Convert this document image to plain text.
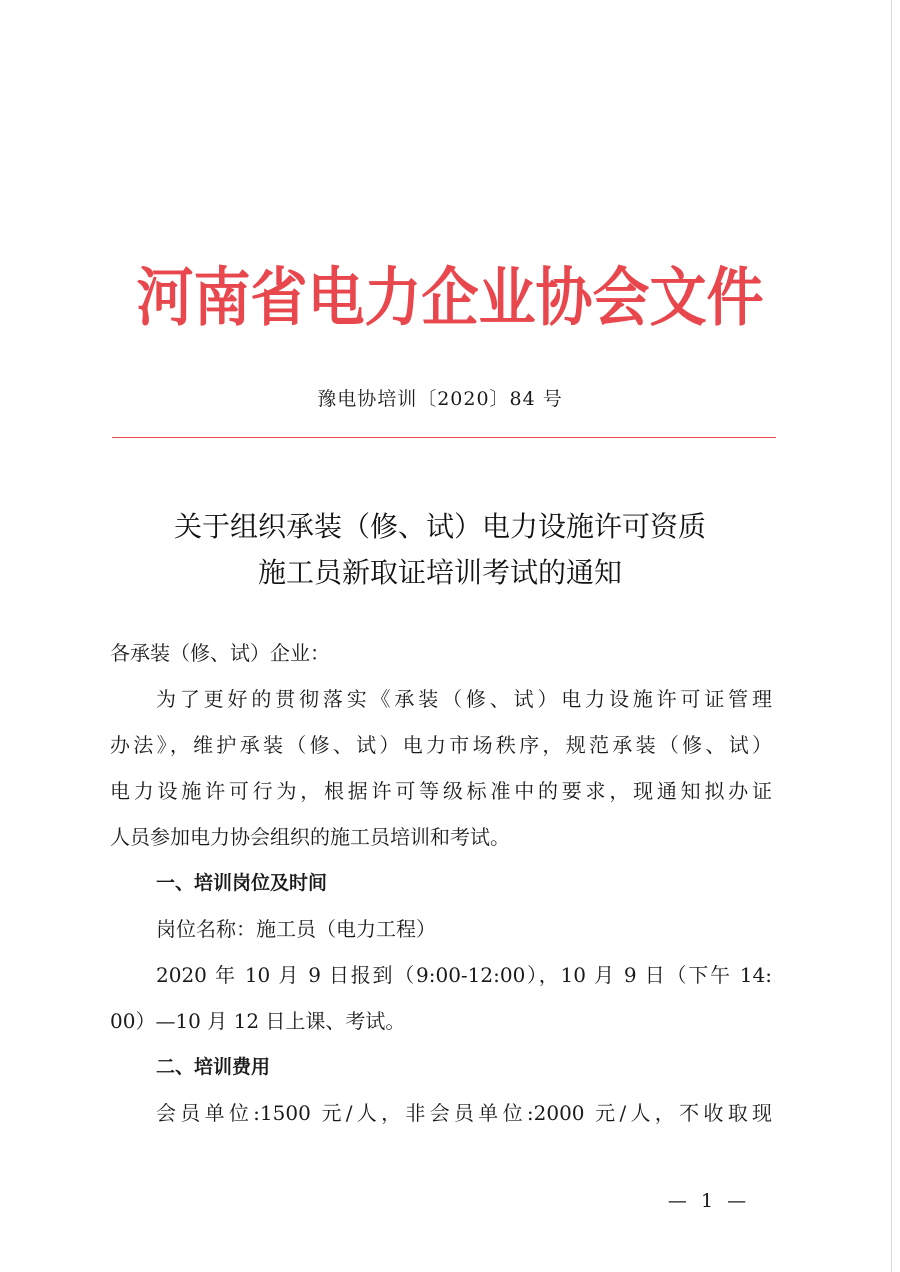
河南省电力企业协会文件
豫电协培训〔2020〕84 号
关于组织承装（修、试）电力设施许可资质
施工员新取证培训考试的通知
各承装（修、试）企业：
为了更好的贯彻落实《承装（修、试）电力设施许可证管理
办法》，维护承装（修、试）电力市场秩序，规范承装（修、试）
电力设施许可行为，根据许可等级标准中的要求，现通知拟办证
人员参加电力协会组织的施工员培训和考试。
一、培训岗位及时间
岗位名称：施工员（电力工程）
2020 年 10 月 9 日报到（9:00-12:00），10 月 9 日（下午 14:
00）—10 月 12 日上课、考试。
二、培训费用
会员单位:1500 元/人，非会员单位:2000 元/人，不收取现
— 1 —
